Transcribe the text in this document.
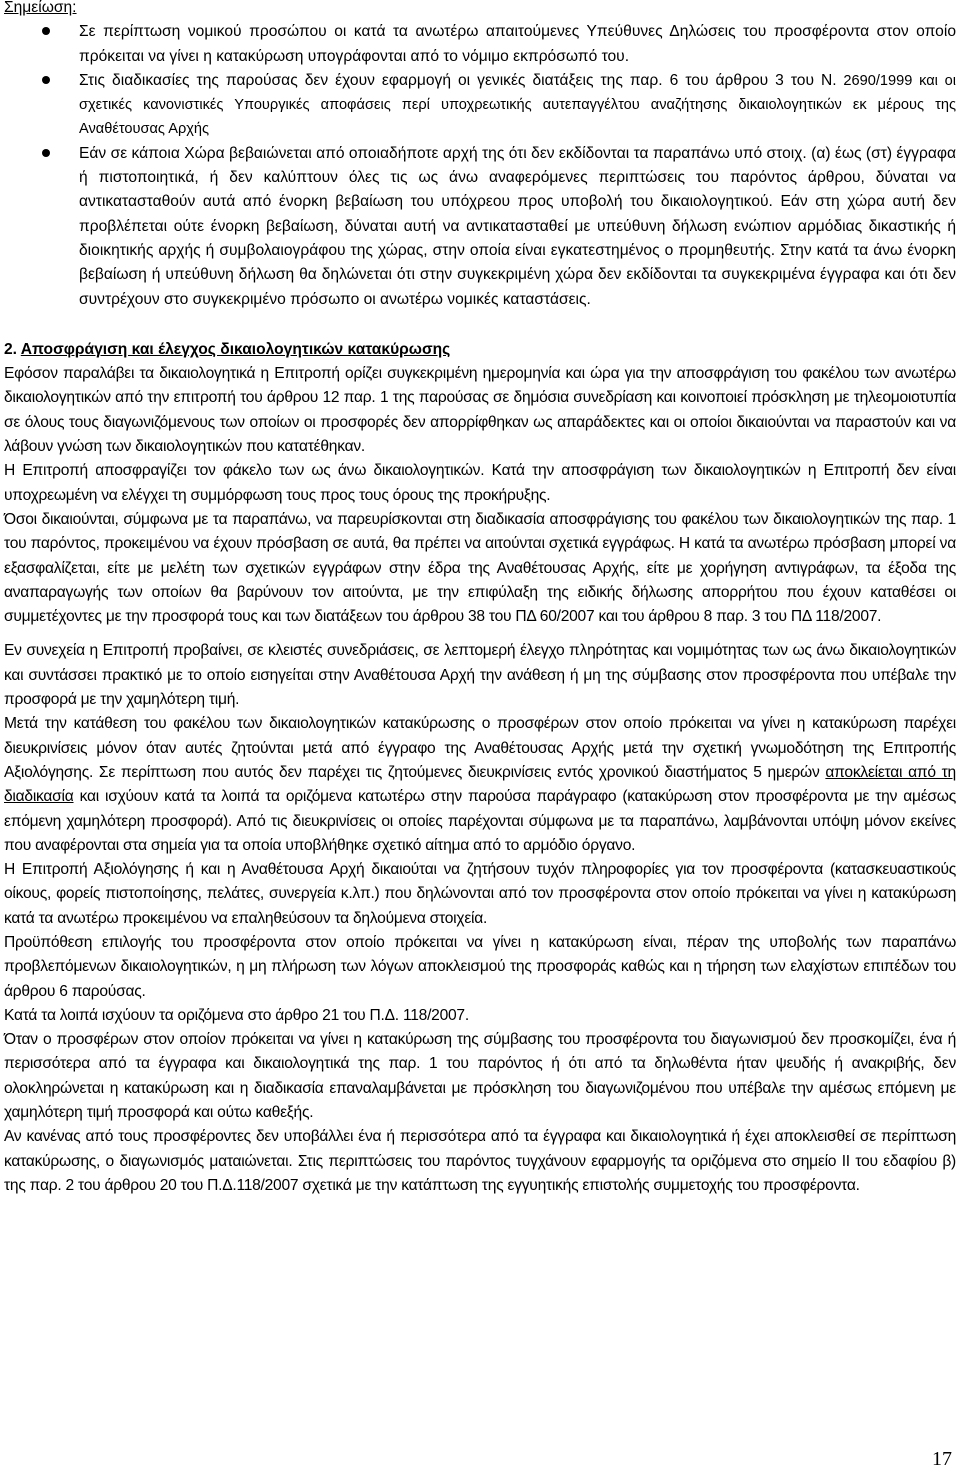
Σημείωση:

Σε περίπτωση νομικού προσώπου οι κατά τα ανωτέρω απαιτούμενες Υπεύθυνες Δηλώσεις του προσφέροντα στον οποίο πρόκειται να γίνει η κατακύρωση υπογράφονται από το νόμιμο εκπρόσωπό του.
Στις διαδικασίες της παρούσας δεν έχουν εφαρμογή οι γενικές διατάξεις της παρ. 6 του άρθρου 3 του Ν. 2690/1999 και οι σχετικές κανονιστικές Υπουργικές αποφάσεις περί υποχρεωτικής αυτεπαγγέλτου αναζήτησης δικαιολογητικών εκ μέρους της Αναθέτουσας Αρχής
Εάν σε κάποια Χώρα βεβαιώνεται από οποιαδήποτε αρχή της ότι δεν εκδίδονται τα παραπάνω υπό στοιχ. (α) έως (στ) έγγραφα ή πιστοποιητικά, ή δεν καλύπτουν όλες τις ως άνω αναφερόμενες περιπτώσεις του παρόντος άρθρου, δύναται να αντικατασταθούν αυτά από ένορκη βεβαίωση του υπόχρεου προς υποβολή του δικαιολογητικού. Εάν στη χώρα αυτή δεν προβλέπεται ούτε ένορκη βεβαίωση, δύναται αυτή να αντικατασταθεί με υπεύθυνη δήλωση ενώπιον αρμόδιας δικαστικής ή διοικητικής αρχής ή συμβολαιογράφου της χώρας, στην οποία είναι εγκατεστημένος ο προμηθευτής. Στην κατά τα άνω ένορκη βεβαίωση ή υπεύθυνη δήλωση θα δηλώνεται ότι στην συγκεκριμένη χώρα δεν εκδίδονται τα συγκεκριμένα έγγραφα και ότι δεν συντρέχουν στο συγκεκριμένο πρόσωπο οι ανωτέρω νομικές καταστάσεις.

2. Αποσφράγιση και έλεγχος δικαιολογητικών κατακύρωσης

Εφόσον παραλάβει τα δικαιολογητικά η Επιτροπή ορίζει συγκεκριμένη ημερομηνία και ώρα για την αποσφράγιση του φακέλου των ανωτέρω δικαιολογητικών από την επιτροπή του άρθρου 12 παρ. 1 της παρούσας σε δημόσια συνεδρίαση και κοινοποιεί πρόσκληση με τηλεομοιοτυπία σε όλους τους διαγωνιζόμενους των οποίων οι προσφορές δεν απορρίφθηκαν ως απαράδεκτες και οι οποίοι δικαιούνται να παραστούν και να λάβουν γνώση των δικαιολογητικών που κατατέθηκαν.

Η Επιτροπή αποσφραγίζει τον φάκελο των ως άνω δικαιολογητικών. Κατά την αποσφράγιση των δικαιολογητικών η Επιτροπή δεν είναι υποχρεωμένη να ελέγχει τη συμμόρφωση τους προς τους όρους της προκήρυξης.

Όσοι δικαιούνται, σύμφωνα με τα παραπάνω, να παρευρίσκονται στη διαδικασία αποσφράγισης του φακέλου των δικαιολογητικών της παρ. 1 του παρόντος, προκειμένου να έχουν πρόσβαση σε αυτά, θα πρέπει να αιτούνται σχετικά εγγράφως. Η κατά τα ανωτέρω πρόσβαση μπορεί να εξασφαλίζεται, είτε με μελέτη των σχετικών εγγράφων στην έδρα της Αναθέτουσας Αρχής, είτε με χορήγηση αντιγράφων, τα έξοδα της αναπαραγωγής των οποίων θα βαρύνουν τον αιτούντα, με την επιφύλαξη της ειδικής δήλωσης απορρήτου που έχουν καταθέσει οι συμμετέχοντες με την προσφορά τους και των διατάξεων του άρθρου 38 του ΠΔ 60/2007 και του άρθρου 8 παρ. 3 του ΠΔ 118/2007.

Εν συνεχεία η Επιτροπή προβαίνει, σε κλειστές συνεδριάσεις, σε λεπτομερή έλεγχο πληρότητας και νομιμότητας των ως άνω δικαιολογητικών και συντάσσει πρακτικό με το οποίο εισηγείται στην Αναθέτουσα Αρχή την ανάθεση ή μη της σύμβασης στον προσφέροντα που υπέβαλε την προσφορά με την χαμηλότερη τιμή.

Μετά την κατάθεση του φακέλου των δικαιολογητικών κατακύρωσης ο προσφέρων στον οποίο πρόκειται να γίνει η κατακύρωση παρέχει διευκρινίσεις μόνον όταν αυτές ζητούνται μετά από έγγραφο της Αναθέτουσας Αρχής μετά την σχετική γνωμοδότηση της Επιτροπής Αξιολόγησης. Σε περίπτωση που αυτός δεν παρέχει τις ζητούμενες διευκρινίσεις εντός χρονικού διαστήματος 5 ημερών αποκλείεται από τη διαδικασία και ισχύουν κατά τα λοιπά τα οριζόμενα κατωτέρω στην παρούσα παράγραφο (κατακύρωση στον προσφέροντα με την αμέσως επόμενη χαμηλότερη προσφορά). Από τις διευκρινίσεις οι οποίες παρέχονται σύμφωνα με τα παραπάνω, λαμβάνονται υπόψη μόνον εκείνες που αναφέρονται στα σημεία για τα οποία υποβλήθηκε σχετικό αίτημα από το αρμόδιο όργανο.

Η Επιτροπή Αξιολόγησης ή και η Αναθέτουσα Αρχή δικαιούται να ζητήσουν τυχόν πληροφορίες για τον προσφέροντα (κατασκευαστικούς οίκους, φορείς πιστοποίησης, πελάτες, συνεργεία κ.λπ.) που δηλώνονται από τον προσφέροντα στον οποίο πρόκειται να γίνει η κατακύρωση κατά τα ανωτέρω προκειμένου να επαληθεύσουν τα δηλούμενα στοιχεία.

Προϋπόθεση επιλογής του προσφέροντα στον οποίο πρόκειται να γίνει η κατακύρωση είναι, πέραν της υποβολής των παραπάνω προβλεπόμενων δικαιολογητικών, η μη πλήρωση των λόγων αποκλεισμού της προσφοράς καθώς και η τήρηση των ελαχίστων επιπέδων του άρθρου 6 παρούσας.

Κατά τα λοιπά ισχύουν τα οριζόμενα στο άρθρο 21 του Π.Δ. 118/2007.

Όταν ο προσφέρων στον οποίον πρόκειται να γίνει η κατακύρωση της σύμβασης του προσφέροντα του διαγωνισμού δεν προσκομίζει, ένα ή περισσότερα από τα έγγραφα και δικαιολογητικά της παρ. 1 του παρόντος ή ότι από τα δηλωθέντα ήταν ψευδής ή ανακριβής, δεν ολοκληρώνεται η κατακύρωση και η διαδικασία επαναλαμβάνεται με πρόσκληση του διαγωνιζομένου που υπέβαλε την αμέσως επόμενη με χαμηλότερη τιμή προσφορά και ούτω καθεξής.

Αν κανένας από τους προσφέροντες δεν υποβάλλει ένα ή περισσότερα από τα έγγραφα και δικαιολογητικά ή έχει αποκλεισθεί σε περίπτωση κατακύρωσης, ο διαγωνισμός ματαιώνεται. Στις περιπτώσεις του παρόντος τυγχάνουν εφαρμογής τα οριζόμενα στο σημείο II του εδαφίου β) της παρ. 2 του άρθρου 20 του Π.Δ.118/2007 σχετικά με την κατάπτωση της εγγυητικής επιστολής συμμετοχής του προσφέροντα.

17
